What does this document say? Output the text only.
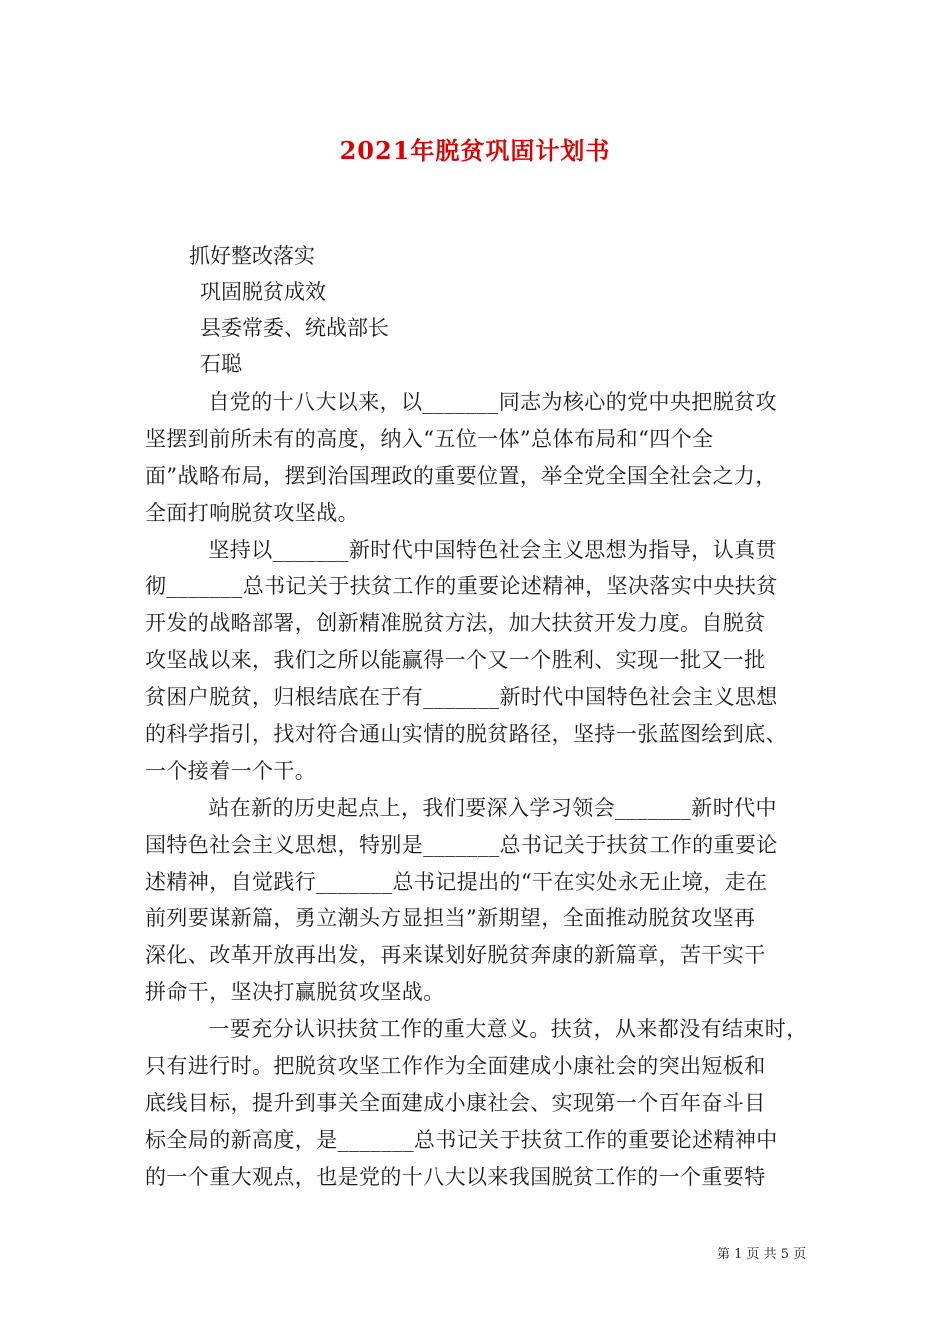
2021年脱贫巩固计划书
抓好整改落实
巩固脱贫成效
县委常委、统战部长
石聪
　自党的十八大以来，以_______同志为核心的党中央把脱贫攻
坚摆到前所未有的高度，纳入“五位一体”总体布局和“四个全
面”战略布局，摆到治国理政的重要位置，举全党全国全社会之力，
全面打响脱贫攻坚战。
　坚持以_______新时代中国特色社会主义思想为指导，认真贯
彻_______总书记关于扶贫工作的重要论述精神，坚决落实中央扶贫
开发的战略部署，创新精准脱贫方法，加大扶贫开发力度。自脱贫
攻坚战以来，我们之所以能赢得一个又一个胜利、实现一批又一批
贫困户脱贫，归根结底在于有_______新时代中国特色社会主义思想
的科学指引，找对符合通山实情的脱贫路径，坚持一张蓝图绘到底、
一个接着一个干。
　站在新的历史起点上，我们要深入学习领会_______新时代中
国特色社会主义思想，特别是_______总书记关于扶贫工作的重要论
述精神，自觉践行_______总书记提出的“干在实处永无止境，走在
前列要谋新篇，勇立潮头方显担当”新期望，全面推动脱贫攻坚再
深化、改革开放再出发，再来谋划好脱贫奔康的新篇章，苦干实干
拼命干，坚决打赢脱贫攻坚战。
　一要充分认识扶贫工作的重大意义。扶贫，从来都没有结束时，
只有进行时。把脱贫攻坚工作作为全面建成小康社会的突出短板和
底线目标，提升到事关全面建成小康社会、实现第一个百年奋斗目
标全局的新高度，是_______总书记关于扶贫工作的重要论述精神中
的一个重大观点，也是党的十八大以来我国脱贫工作的一个重要特
第 1 页 共 5 页
